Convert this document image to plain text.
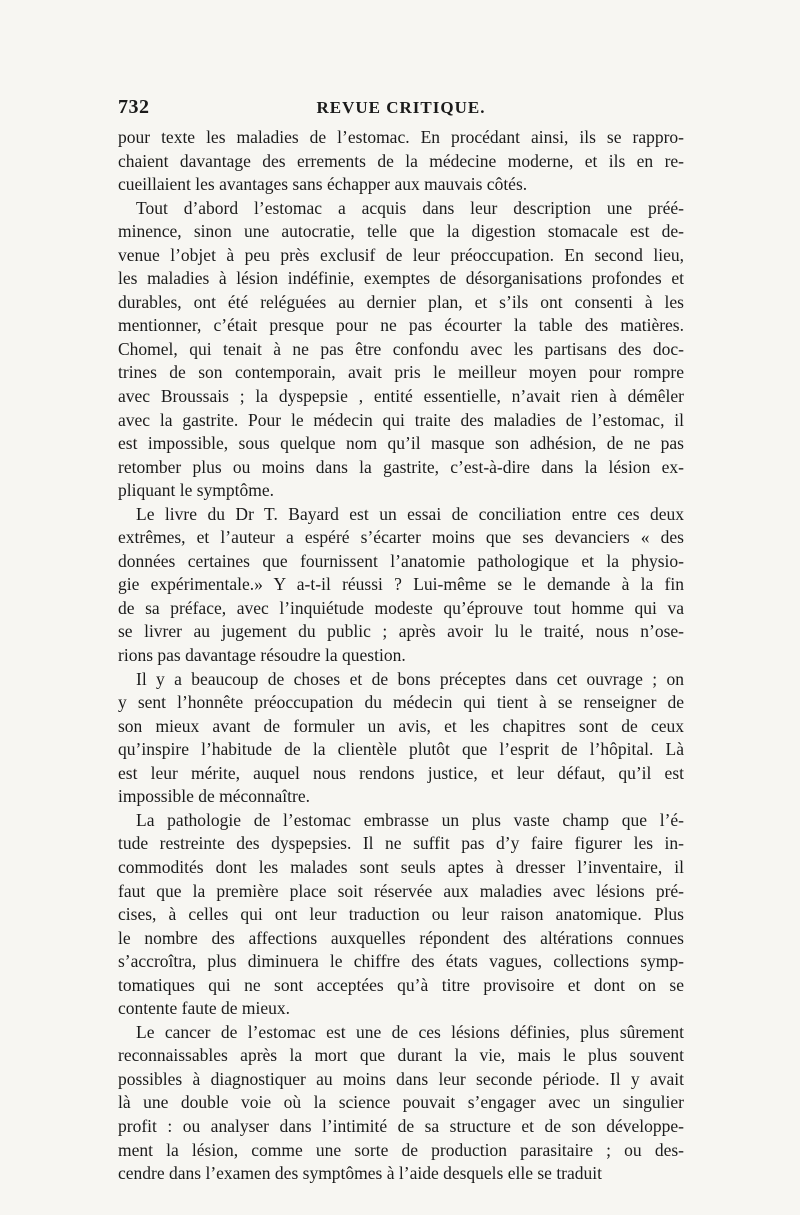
732	REVUE CRITIQUE.
pour texte les maladies de l’estomac. En procédant ainsi, ils se rappro-
chaient davantage des errements de la médecine moderne, et ils en re-
cueillaient les avantages sans échapper aux mauvais côtés.
Tout d’abord l’estomac a acquis dans leur description une préé-
minence, sinon une autocratie, telle que la digestion stomacale est de-
venue l’objet à peu près exclusif de leur préoccupation. En second lieu,
les maladies à lésion indéfinie, exemptes de désorganisations profondes et
durables, ont été reléguées au dernier plan, et s’ils ont consenti à les
mentionner, c’était presque pour ne pas écourter la table des matières.
Chomel, qui tenait à ne pas être confondu avec les partisans des doc-
trines de son contemporain, avait pris le meilleur moyen pour rompre
avec Broussais ; la dyspepsie , entité essentielle, n’avait rien à démêler
avec la gastrite. Pour le médecin qui traite des maladies de l’estomac, il
est impossible, sous quelque nom qu’il masque son adhésion, de ne pas
retomber plus ou moins dans la gastrite, c’est-à-dire dans la lésion ex-
pliquant le symptôme.
Le livre du Dr T. Bayard est un essai de conciliation entre ces deux
extrêmes, et l’auteur a espéré s’écarter moins que ses devanciers « des
données certaines que fournissent l’anatomie pathologique et la physio-
gie expérimentale.» Y a-t-il réussi ? Lui-même se le demande à la fin
de sa préface, avec l’inquiétude modeste qu’éprouve tout homme qui va
se livrer au jugement du public ; après avoir lu le traité, nous n’ose-
rions pas davantage résoudre la question.
Il y a beaucoup de choses et de bons préceptes dans cet ouvrage ; on
y sent l’honnête préoccupation du médecin qui tient à se renseigner de
son mieux avant de formuler un avis, et les chapitres sont de ceux
qu’inspire l’habitude de la clientèle plutôt que l’esprit de l’hôpital. Là
est leur mérite, auquel nous rendons justice, et leur défaut, qu’il est
impossible de méconnaître.
La pathologie de l’estomac embrasse un plus vaste champ que l’é-
tude restreinte des dyspepsies. Il ne suffit pas d’y faire figurer les in-
commodités dont les malades sont seuls aptes à dresser l’inventaire, il
faut que la première place soit réservée aux maladies avec lésions pré-
cises, à celles qui ont leur traduction ou leur raison anatomique. Plus
le nombre des affections auxquelles répondent des altérations connues
s’accroîtra, plus diminuera le chiffre des états vagues, collections symp-
tomatiques qui ne sont acceptées qu’à titre provisoire et dont on se
contente faute de mieux.
Le cancer de l’estomac est une de ces lésions définies, plus sûrement
reconnaissables après la mort que durant la vie, mais le plus souvent
possibles à diagnostiquer au moins dans leur seconde période. Il y avait
là une double voie où la science pouvait s’engager avec un singulier
profit : ou analyser dans l’intimité de sa structure et de son développe-
ment la lésion, comme une sorte de production parasitaire ; ou des-
cendre dans l’examen des symptômes à l’aide desquels elle se traduit
